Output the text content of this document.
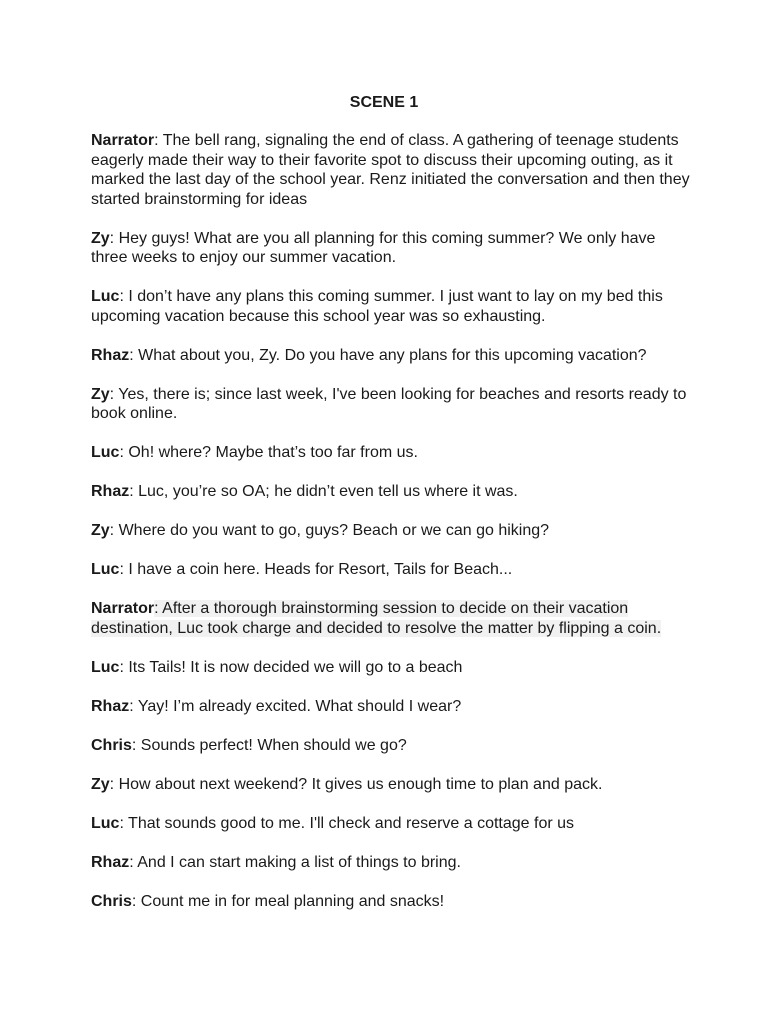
SCENE 1

Narrator: The bell rang, signaling the end of class. A gathering of teenage students eagerly made their way to their favorite spot to discuss their upcoming outing, as it marked the last day of the school year. Renz initiated the conversation and then they started brainstorming for ideas

Zy: Hey guys! What are you all planning for this coming summer? We only have three weeks to enjoy our summer vacation.

Luc: I don’t have any plans this coming summer. I just want to lay on my bed this upcoming vacation because this school year was so exhausting.

Rhaz: What about you, Zy. Do you have any plans for this upcoming vacation?

Zy: Yes, there is; since last week, I've been looking for beaches and resorts ready to book online.

Luc: Oh! where? Maybe that’s too far from us.

Rhaz: Luc, you’re so OA; he didn’t even tell us where it was.

Zy: Where do you want to go, guys? Beach or we can go hiking?

Luc: I have a coin here. Heads for Resort, Tails for Beach...

Narrator: After a thorough brainstorming session to decide on their vacation destination, Luc took charge and decided to resolve the matter by flipping a coin.

Luc: Its Tails! It is now decided we will go to a beach

Rhaz: Yay! I’m already excited. What should I wear?

Chris: Sounds perfect! When should we go?

Zy: How about next weekend? It gives us enough time to plan and pack.

Luc: That sounds good to me. I'll check and reserve a cottage for us

Rhaz: And I can start making a list of things to bring.

Chris: Count me in for meal planning and snacks!
